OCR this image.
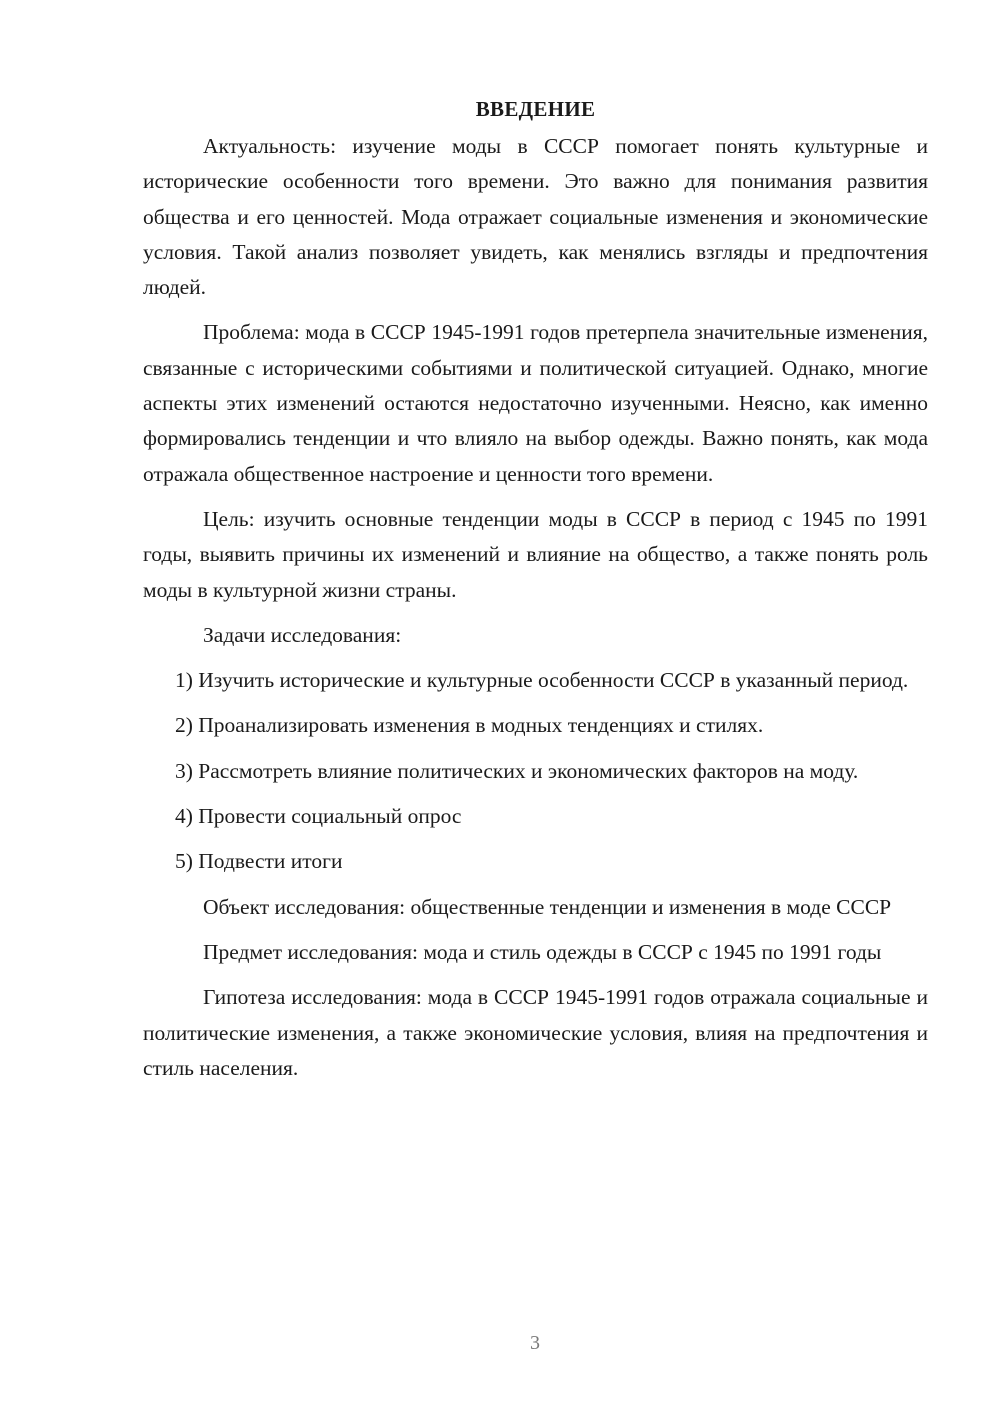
ВВЕДЕНИЕ

Актуальность: изучение моды в СССР помогает понять культурные и исторические особенности того времени. Это важно для понимания развития общества и его ценностей. Мода отражает социальные изменения и экономические условия. Такой анализ позволяет увидеть, как менялись взгляды и предпочтения людей.

Проблема: мода в СССР 1945-1991 годов претерпела значительные изменения, связанные с историческими событиями и политической ситуацией. Однако, многие аспекты этих изменений остаются недостаточно изученными. Неясно, как именно формировались тенденции и что влияло на выбор одежды. Важно понять, как мода отражала общественное настроение и ценности того времени.

Цель: изучить основные тенденции моды в СССР в период с 1945 по 1991 годы, выявить причины их изменений и влияние на общество, а также понять роль моды в культурной жизни страны.

Задачи исследования:

1) Изучить исторические и культурные особенности СССР в указанный период.

2) Проанализировать изменения в модных тенденциях и стилях.

3) Рассмотреть влияние политических и экономических факторов на моду.

4) Провести социальный опрос

5) Подвести итоги

Объект исследования: общественные тенденции и изменения в моде СССР

Предмет исследования: мода и стиль одежды в СССР с 1945 по 1991 годы

Гипотеза исследования: мода в СССР 1945-1991 годов отражала социальные и политические изменения, а также экономические условия, влияя на предпочтения и стиль населения.

3
